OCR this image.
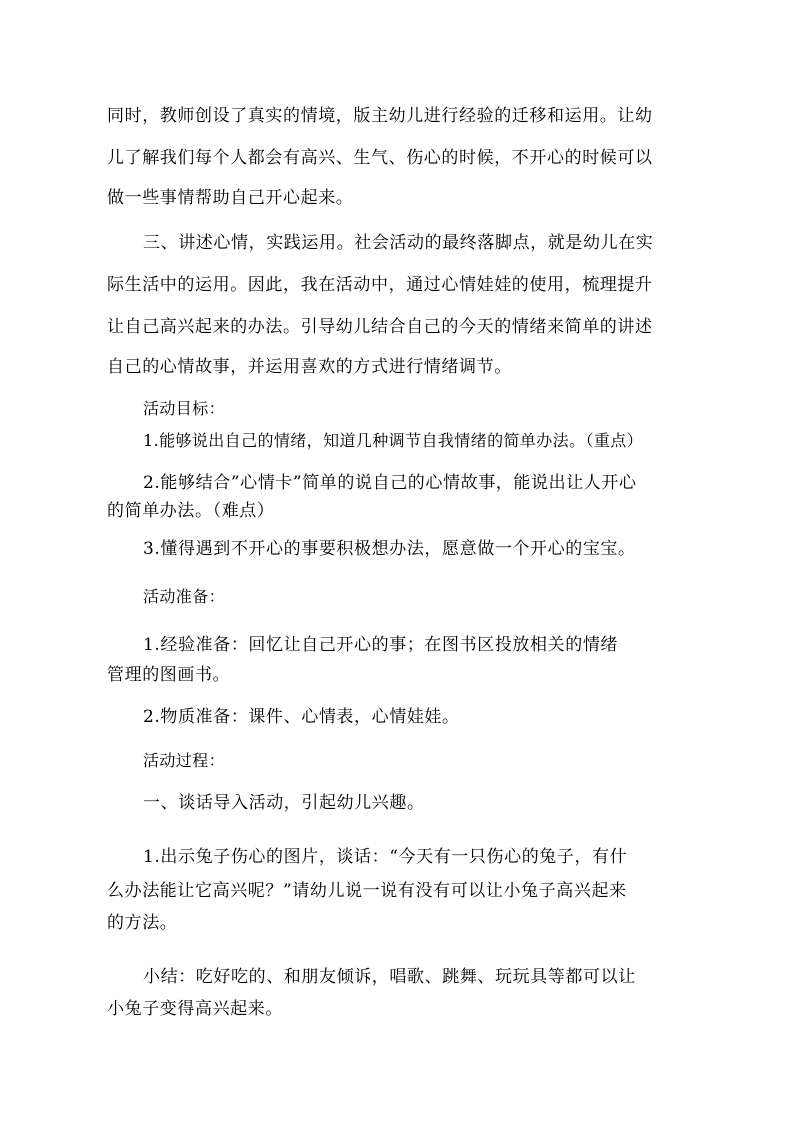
同时，教师创设了真实的情境，版主幼儿进行经验的迁移和运用。让幼
儿了解我们每个人都会有高兴、生气、伤心的时候，不开心的时候可以
做一些事情帮助自己开心起来。
三、讲述心情，实践运用。社会活动的最终落脚点，就是幼儿在实
际生活中的运用。因此，我在活动中，通过心情娃娃的使用，梳理提升
让自己高兴起来的办法。引导幼儿结合自己的今天的情绪来简单的讲述
自己的心情故事，并运用喜欢的方式进行情绪调节。
活动目标：
1.能够说出自己的情绪，知道几种调节自我情绪的简单办法。（重点）
2.能够结合”心情卡”简单的说自己的心情故事，能说出让人开心
的简单办法。（难点）
3.懂得遇到不开心的事要积极想办法，愿意做一个开心的宝宝。
活动准备：
1.经验准备：回忆让自己开心的事；在图书区投放相关的情绪
管理的图画书。
2.物质准备：课件、心情表，心情娃娃。
活动过程：
一、谈话导入活动，引起幼儿兴趣。
1.出示兔子伤心的图片，谈话：“今天有一只伤心的兔子，有什
么办法能让它高兴呢？”请幼儿说一说有没有可以让小兔子高兴起来
的方法。
小结：吃好吃的、和朋友倾诉，唱歌、跳舞、玩玩具等都可以让
小兔子变得高兴起来。
